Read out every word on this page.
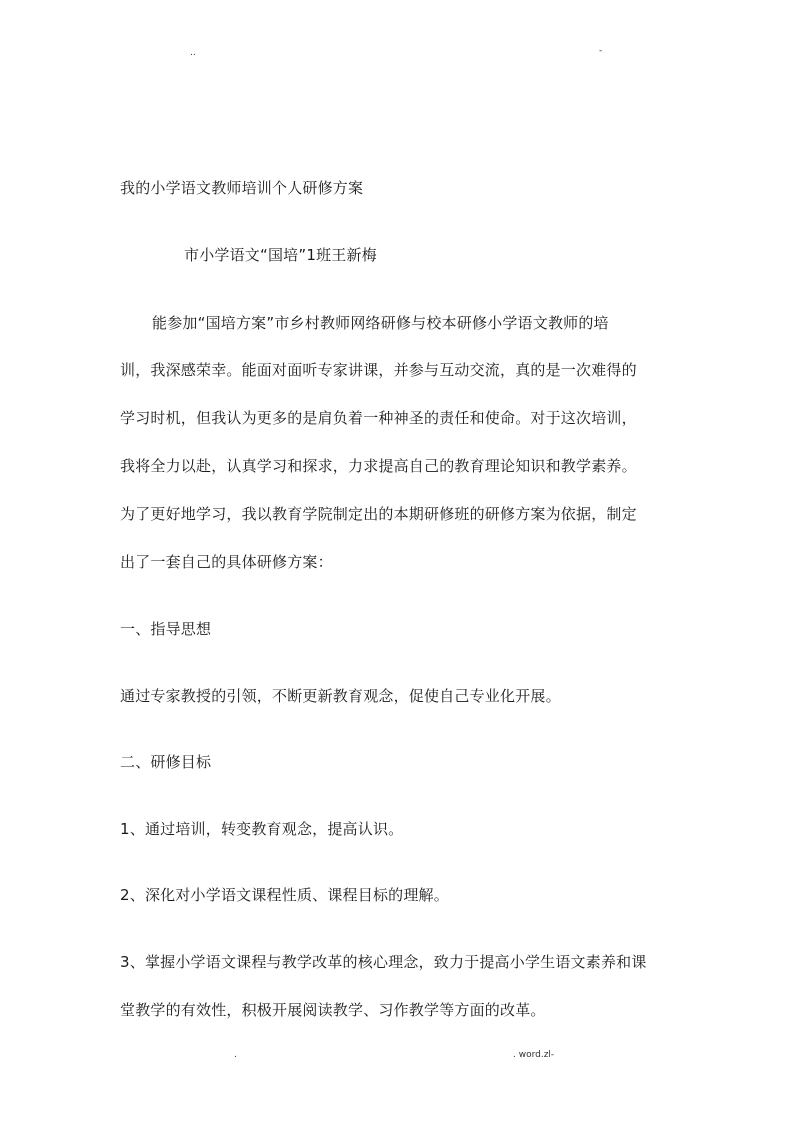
..	-
我的小学语文教师培训个人研修方案
市小学语文“国培”1班王新梅
能参加“国培方案”市乡村教师网络研修与校本研修小学语文教师的培
训，我深感荣幸。能面对面听专家讲课，并参与互动交流，真的是一次难得的
学习时机，但我认为更多的是肩负着一种神圣的责任和使命。对于这次培训，
我将全力以赴，认真学习和探求，力求提高自己的教育理论知识和教学素养。
为了更好地学习，我以教育学院制定出的本期研修班的研修方案为依据，制定
出了一套自己的具体研修方案：
一、指导思想
通过专家教授的引领，不断更新教育观念，促使自己专业化开展。
二、研修目标
1、通过培训，转变教育观念，提高认识。
2、深化对小学语文课程性质、课程目标的理解。
3、掌握小学语文课程与教学改革的核心理念，致力于提高小学生语文素养和课
堂教学的有效性，积极开展阅读教学、习作教学等方面的改革。
.	. word.zl-
